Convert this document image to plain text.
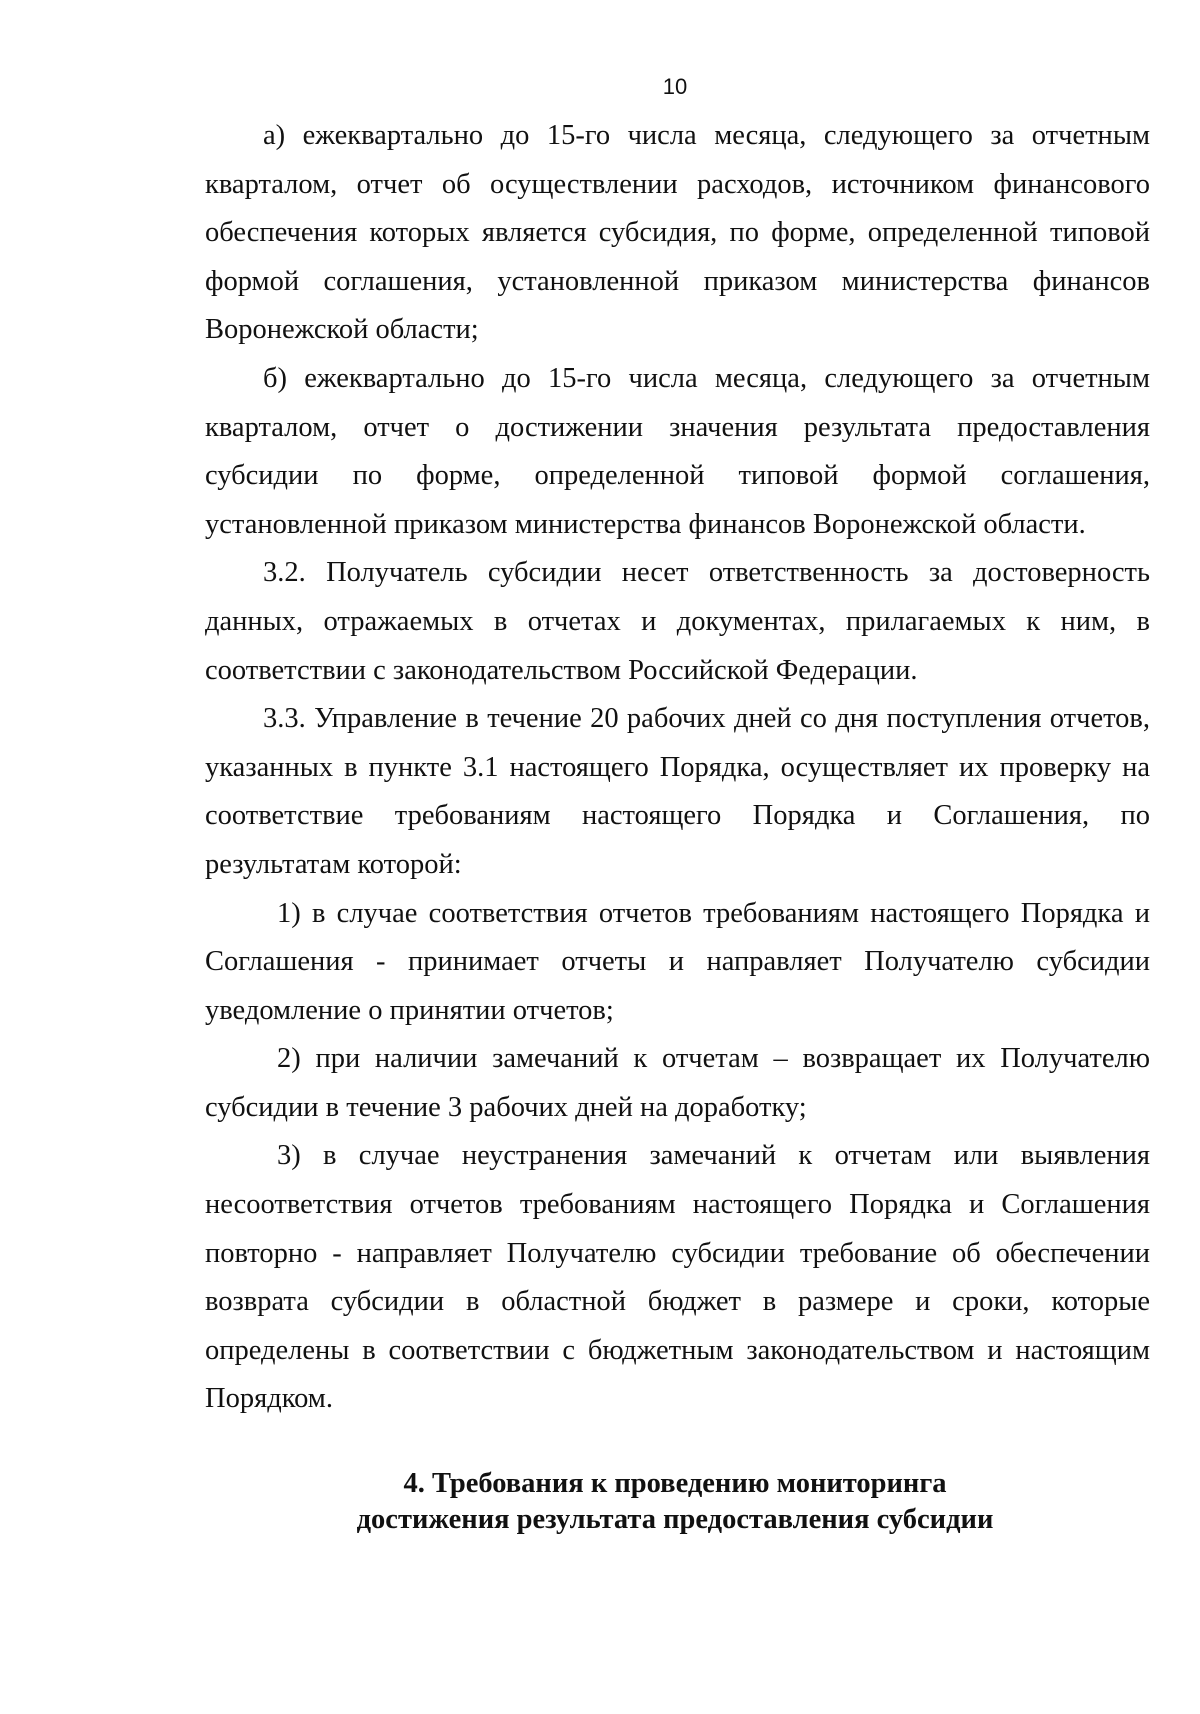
10

а) ежеквартально до 15-го числа месяца, следующего за отчетным кварталом, отчет об осуществлении расходов, источником финансового обеспечения которых является субсидия, по форме, определенной типовой формой соглашения, установленной приказом министерства финансов Воронежской области;

б) ежеквартально до 15-го числа месяца, следующего за отчетным кварталом, отчет о достижении значения результата предоставления субсидии по форме, определенной типовой формой соглашения, установленной приказом министерства финансов Воронежской области.

3.2. Получатель субсидии несет ответственность за достоверность данных, отражаемых в отчетах и документах, прилагаемых к ним, в соответствии с законодательством Российской Федерации.

3.3. Управление в течение 20 рабочих дней со дня поступления отчетов, указанных в пункте 3.1 настоящего Порядка, осуществляет их проверку на соответствие требованиям настоящего Порядка и Соглашения, по результатам которой:

1) в случае соответствия отчетов требованиям настоящего Порядка и Соглашения - принимает отчеты и направляет Получателю субсидии уведомление о принятии отчетов;

2) при наличии замечаний к отчетам – возвращает их Получателю субсидии в течение 3 рабочих дней на доработку;

3) в случае неустранения замечаний к отчетам или выявления несоответствия отчетов требованиям настоящего Порядка и Соглашения повторно - направляет Получателю субсидии требование об обеспечении возврата субсидии в областной бюджет в размере и сроки, которые определены в соответствии с бюджетным законодательством и настоящим Порядком.

4. Требования к проведению мониторинга
достижения результата предоставления субсидии
